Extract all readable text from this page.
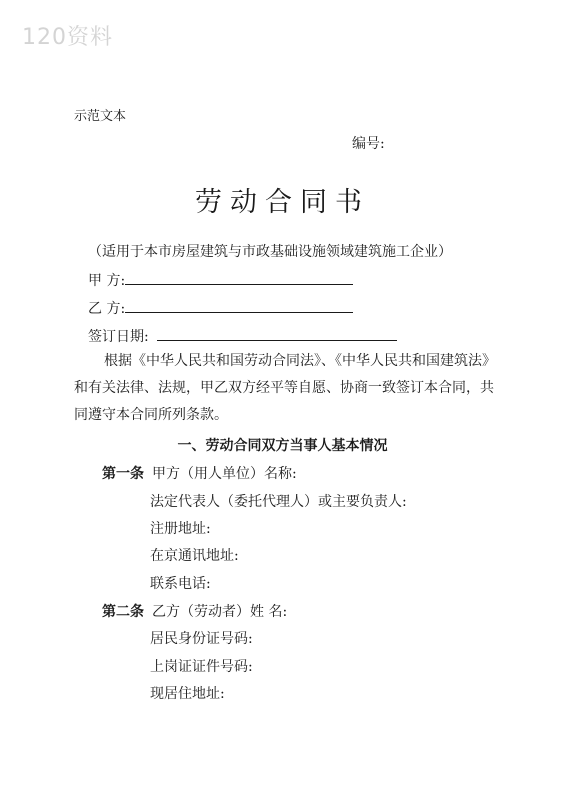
120资料
示范文本
编号:
劳动合同书
（适用于本市房屋建筑与市政基础设施领域建筑施工企业）
甲 方:
乙 方:
签订日期:
根据《中华人民共和国劳动合同法》、《中华人民共和国建筑法》和有关法律、法规，甲乙双方经平等自愿、协商一致签订本合同，共同遵守本合同所列条款。
一、劳动合同双方当事人基本情况
第一条 甲方（用人单位）名称:
法定代表人（委托代理人）或主要负责人:
注册地址:
在京通讯地址:
联系电话:
第二条 乙方（劳动者）姓 名:
居民身份证号码:
上岗证证件号码:
现居住地址:
